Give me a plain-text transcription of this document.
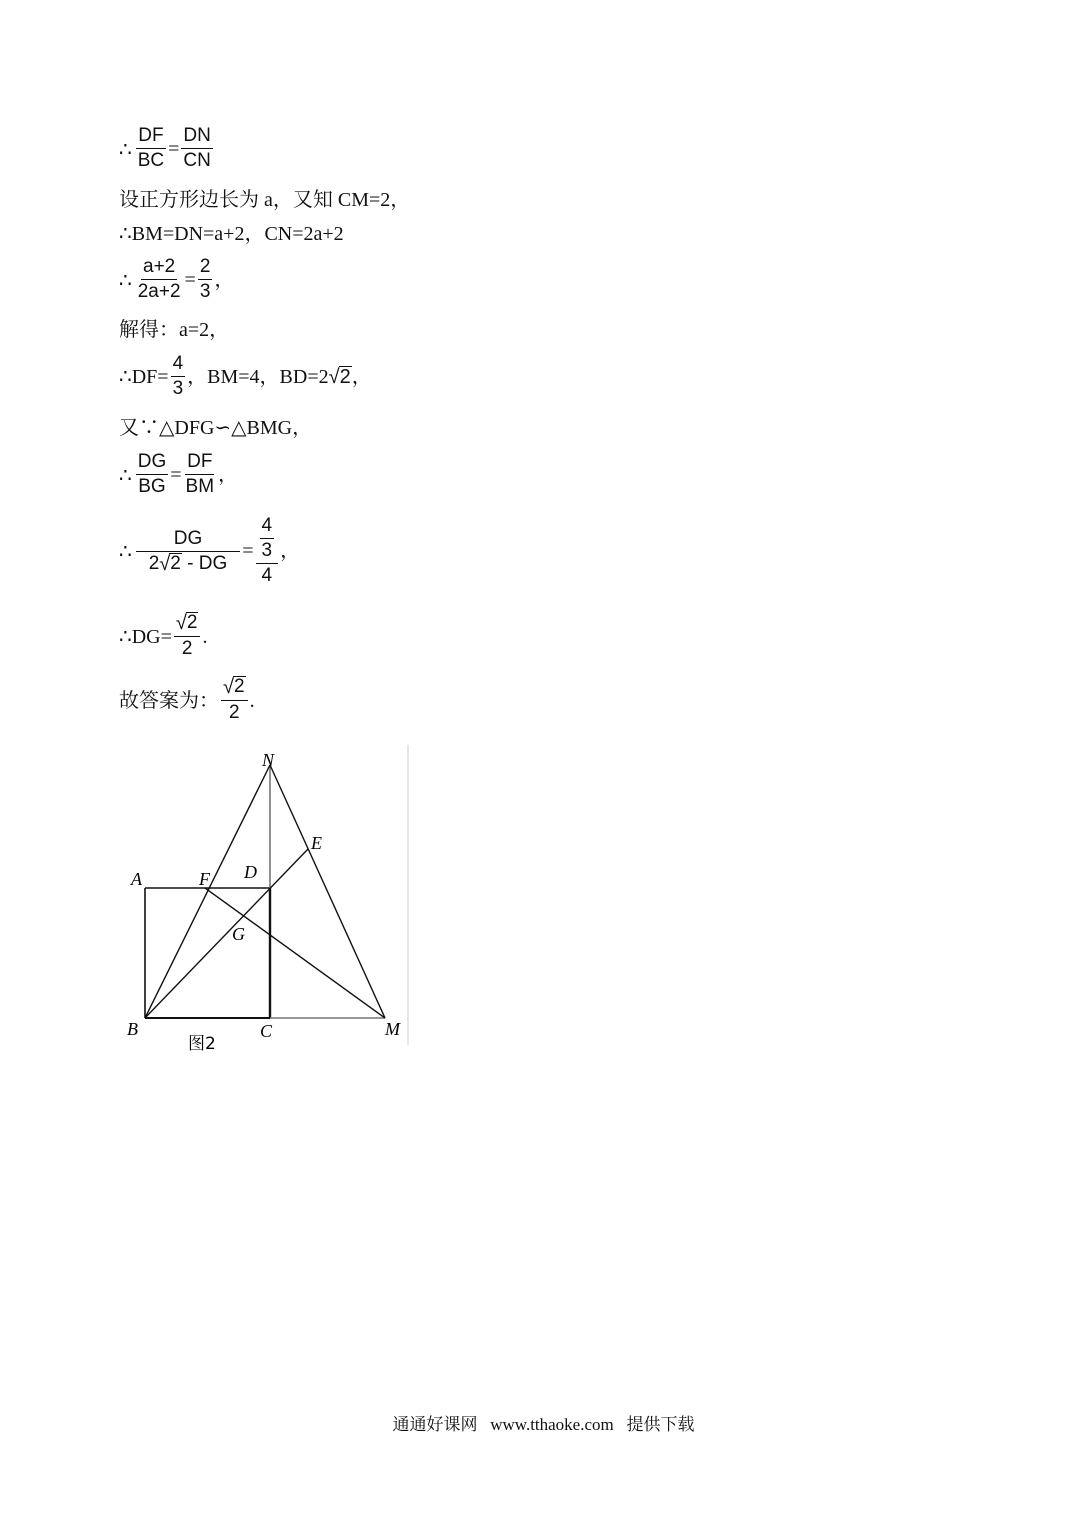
∴ $\frac{DF}{BC} = \frac{DN}{CN}$
设正方形边长为 a，又知 CM=2，
∴BM=DN=a+2，CN=2a+2
∴ $\frac{a+2}{2a+2} = \frac{2}{3}$ ，
解得：a=2，
∴DF= $\frac{4}{3}$ ，BM=4，BD=2 √ 2 ，
又∵△DFG∽△BMG，
∴ $\frac{DG}{BG} = \frac{DF}{BM}$ ，
∴ $\frac{DG}{2 √ 2 - DG} = \frac{\frac{4}{3}}{4}$ ，
∴DG= $\frac{√ 2}{2}$ .
故答案为： $\frac{√ 2}{2}$ .
A
B	C
D
E
F
G
M
N
图2
通通好课网   www.tthaoke.com   提供下载
